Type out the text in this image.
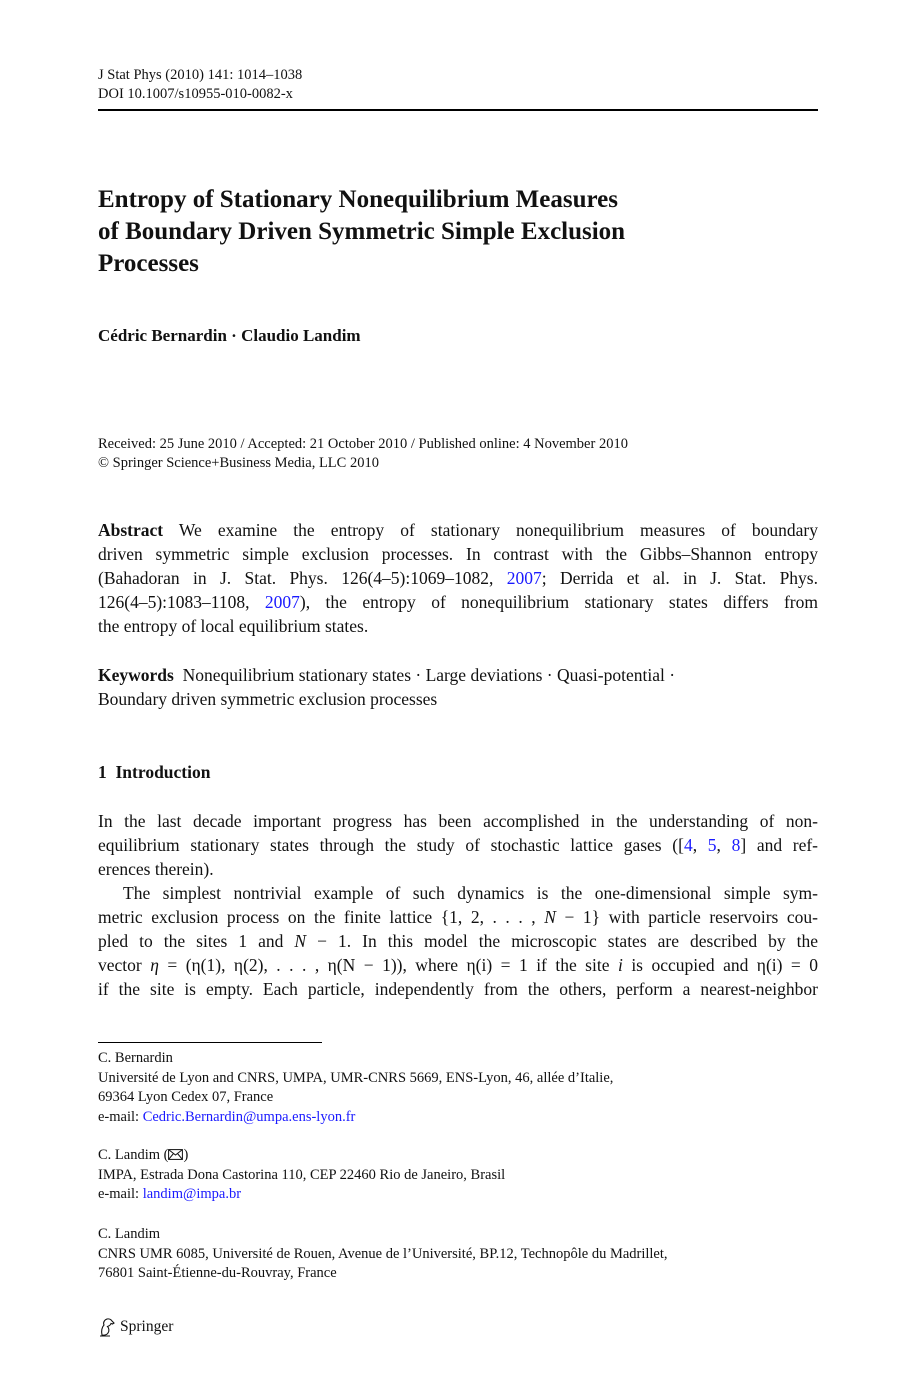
J Stat Phys (2010) 141: 1014–1038
DOI 10.1007/s10955-010-0082-x
Entropy of Stationary Nonequilibrium Measures
of Boundary Driven Symmetric Simple Exclusion
Processes
Cédric Bernardin · Claudio Landim
Received: 25 June 2010 / Accepted: 21 October 2010 / Published online: 4 November 2010
© Springer Science+Business Media, LLC 2010
Abstract We examine the entropy of stationary nonequilibrium measures of boundary
driven symmetric simple exclusion processes. In contrast with the Gibbs–Shannon entropy
(Bahadoran in J. Stat. Phys. 126(4–5):1069–1082, 2007; Derrida et al. in J. Stat. Phys.
126(4–5):1083–1108, 2007), the entropy of nonequilibrium stationary states differs from
the entropy of local equilibrium states.
Keywords Nonequilibrium stationary states · Large deviations · Quasi-potential ·
Boundary driven symmetric exclusion processes
1 Introduction
In the last decade important progress has been accomplished in the understanding of non-
equilibrium stationary states through the study of stochastic lattice gases ([4, 5, 8] and ref-
erences therein).
The simplest nontrivial example of such dynamics is the one-dimensional simple sym-
metric exclusion process on the finite lattice {1, 2, . . . , N − 1} with particle reservoirs cou-
pled to the sites 1 and N − 1. In this model the microscopic states are described by the
vector η = (η(1), η(2), . . . , η(N − 1)), where η(i) = 1 if the site i is occupied and η(i) = 0
if the site is empty. Each particle, independently from the others, perform a nearest-neighbor
C. Bernardin
Université de Lyon and CNRS, UMPA, UMR-CNRS 5669, ENS-Lyon, 46, allée d’Italie,
69364 Lyon Cedex 07, France
e-mail: Cedric.Bernardin@umpa.ens-lyon.fr
C. Landim ( )
IMPA, Estrada Dona Castorina 110, CEP 22460 Rio de Janeiro, Brasil
e-mail: landim@impa.br
C. Landim
CNRS UMR 6085, Université de Rouen, Avenue de l’Université, BP.12, Technopôle du Madrillet,
76801 Saint-Étienne-du-Rouvray, France
Springer
